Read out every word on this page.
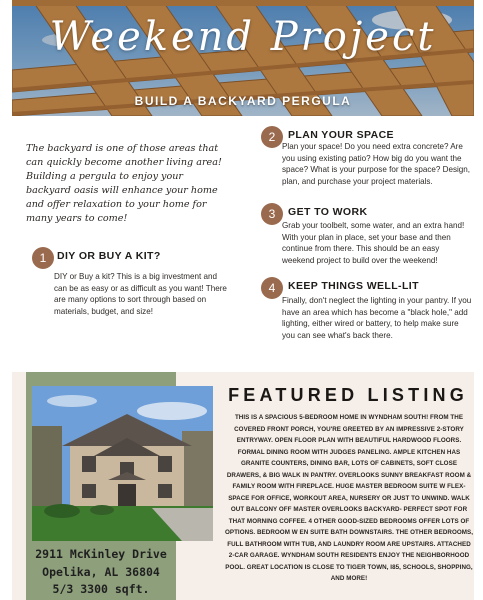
Weekend Project
BUILD A BACKYARD PERGULA
The backyard is one of those areas that can quickly become another living area! Building a pergula to enjoy your backyard oasis will enhance your home and offer relaxation to your home for many years to come!
1	DIY OR BUY A KIT?
DIY or Buy a kit? This is a big investment and can be as easy or as difficult as you want! There are many options to sort through based on materials, budget, and size!
2	PLAN YOUR SPACE
Plan your space! Do you need extra concrete? Are you using existing patio? How big do you want the space? What is your purpose for the space? Design, plan, and purchase your project materials.
3	GET TO WORK
Grab your toolbelt, some water, and an extra hand! With your plan in place, set your base and then continue from there. This should be an easy weekend project to build over the weekend!
4	KEEP THINGS WELL-LIT
Finally, don't neglect the lighting in your pantry. If you have an area which has become a "black hole," add lighting, either wired or battery, to help make sure you can see what's back there.
2911 McKinley Drive
Opelika, AL 36804
5/3 3300 sqft.
FEATURED LISTING
THIS IS A SPACIOUS 5-BEDROOM HOME IN WYNDHAM SOUTH! FROM THE COVERED FRONT PORCH, YOU'RE GREETED BY AN IMPRESSIVE 2-STORY ENTRYWAY. OPEN FLOOR PLAN WITH BEAUTIFUL HARDWOOD FLOORS. FORMAL DINING ROOM WITH JUDGES PANELING. AMPLE KITCHEN HAS GRANITE COUNTERS, DINING BAR, LOTS OF CABINETS, SOFT CLOSE DRAWERS, & BIG WALK IN PANTRY. OVERLOOKS SUNNY BREAKFAST ROOM & FAMILY ROOM WITH FIREPLACE. HUGE MASTER BEDROOM SUITE W FLEX-SPACE FOR OFFICE, WORKOUT AREA, NURSERY OR JUST TO UNWIND. WALK OUT BALCONY OFF MASTER OVERLOOKS BACKYARD- PERFECT SPOT FOR THAT MORNING COFFEE. 4 OTHER GOOD-SIZED BEDROOMS OFFER LOTS OF OPTIONS. BEDROOM W EN SUITE BATH DOWNSTAIRS. THE OTHER BEDROOMS, FULL BATHROOM WITH TUB, AND LAUNDRY ROOM ARE UPSTAIRS. ATTACHED 2-CAR GARAGE. WYNDHAM SOUTH RESIDENTS ENJOY THE NEIGHBORHOOD POOL. GREAT LOCATION IS CLOSE TO TIGER TOWN, I85, SCHOOLS, SHOPPING, AND MORE!
